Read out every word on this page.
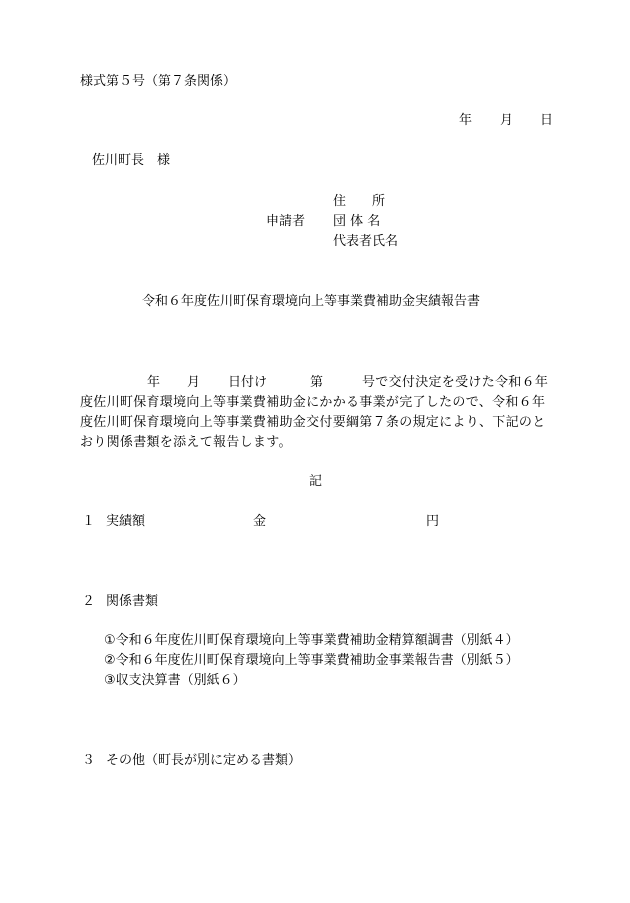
様式第５号（第７条関係）
年 月 日
佐川町長　様
住　　所
申請者 団 体 名
代表者氏名
令和６年度佐川町保育環境向上等事業費補助金実績報告書
年 月 日付け	第	号で交付決定を受けた令和６年
度佐川町保育環境向上等事業費補助金にかかる事業が完了したので、令和６年
度佐川町保育環境向上等事業費補助金交付要綱第７条の規定により、下記のと
おり関係書類を添えて報告します。
記
１ 実績額	金	円
２ 関係書類
①令和６年度佐川町保育環境向上等事業費補助金精算額調書（別紙４）
②令和６年度佐川町保育環境向上等事業費補助金事業報告書（別紙５）
③収支決算書（別紙６）
３ その他（町長が別に定める書類）
